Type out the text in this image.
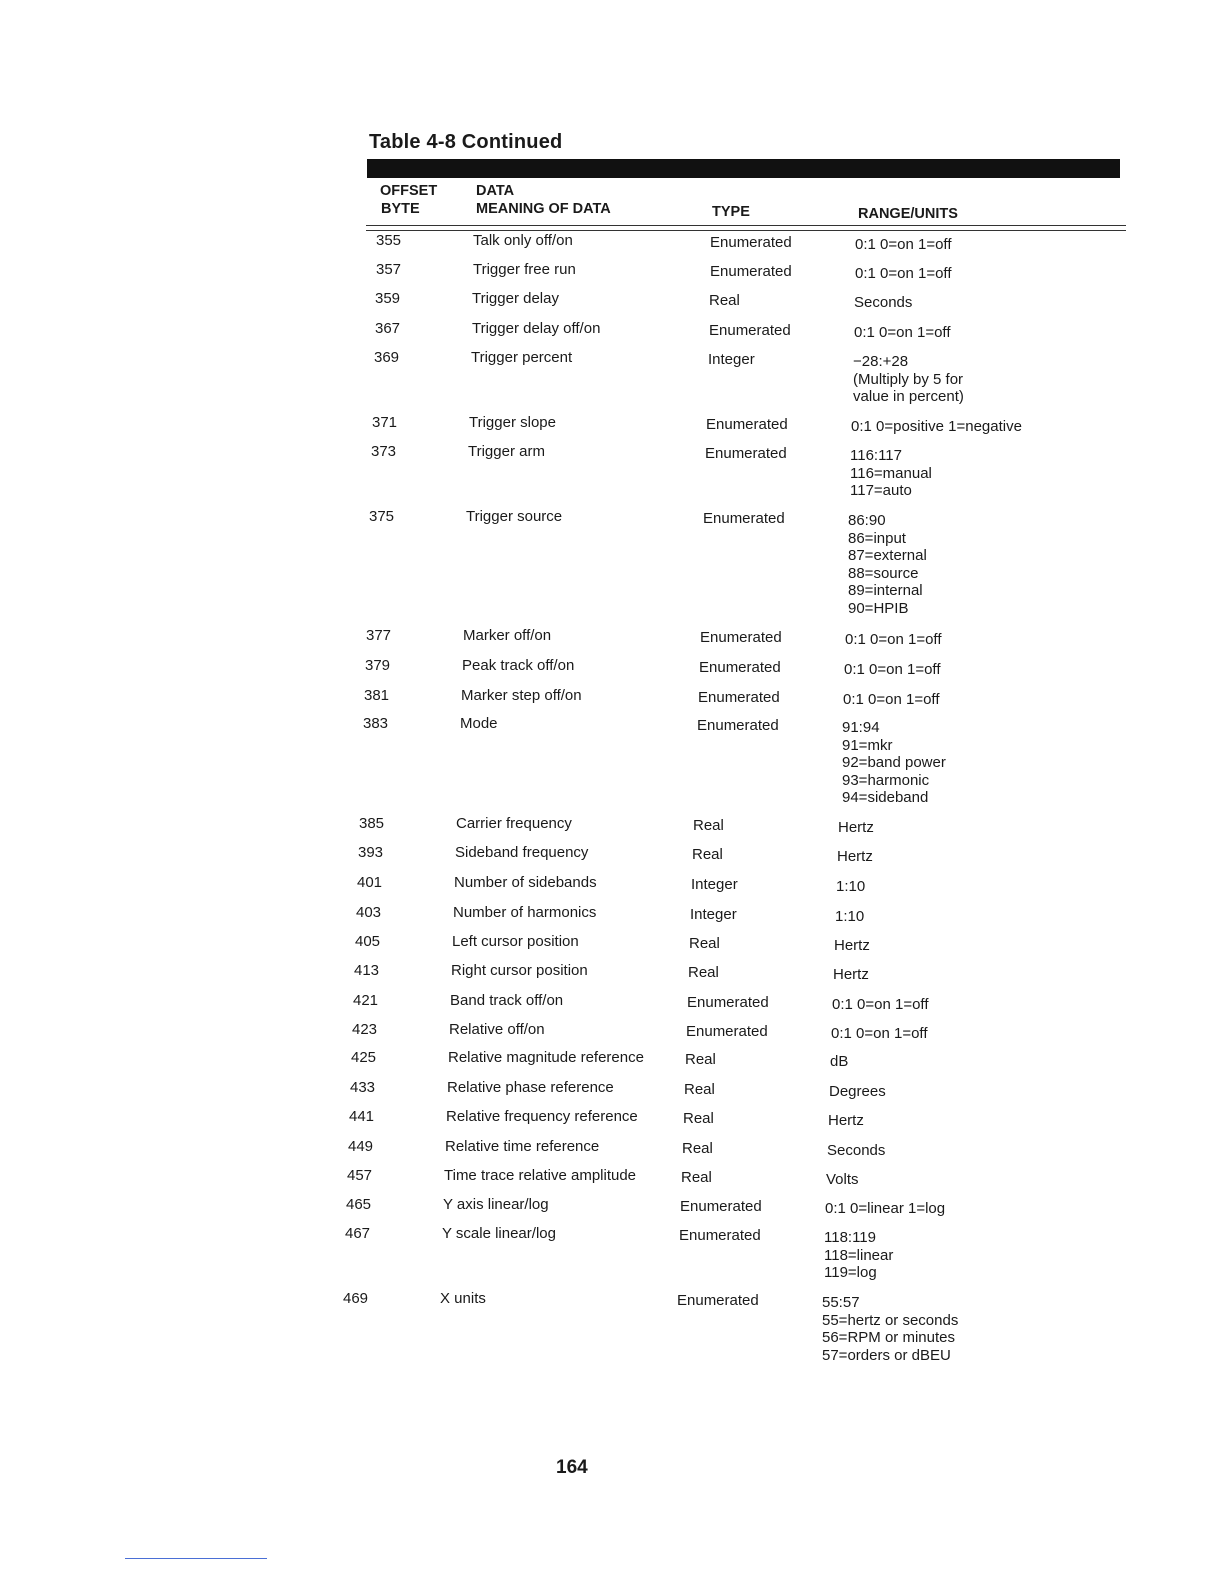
Table 4-8 Continued
OFFSET
BYTE
DATA
MEANING OF DATA	TYPE	RANGE/UNITS
355	Talk only off/on	Enumerated	0:1 0=on 1=off
357	Trigger free run	Enumerated	0:1 0=on 1=off
359	Trigger delay	Real	Seconds
367	Trigger delay off/on	Enumerated	0:1 0=on 1=off
369	Trigger percent	Integer	−28:+28
(Multiply by 5 for
value in percent)
371	Trigger slope	Enumerated	0:1 0=positive 1=negative
373	Trigger arm	Enumerated	116:117
116=manual
117=auto
375	Trigger source	Enumerated	86:90
86=input
87=external
88=source
89=internal
90=HPIB
377	Marker off/on	Enumerated	0:1 0=on 1=off
379	Peak track off/on	Enumerated	0:1 0=on 1=off
381	Marker step off/on	Enumerated	0:1 0=on 1=off
383	Mode	Enumerated	91:94
91=mkr
92=band power
93=harmonic
94=sideband
385	Carrier frequency	Real	Hertz
393	Sideband frequency	Real	Hertz
401	Number of sidebands	Integer	1:10
403	Number of harmonics	Integer	1:10
405	Left cursor position	Real	Hertz
413	Right cursor position	Real	Hertz
421	Band track off/on	Enumerated	0:1 0=on 1=off
423	Relative off/on	Enumerated	0:1 0=on 1=off
425	Relative magnitude reference	Real	dB
433	Relative phase reference	Real	Degrees
441	Relative frequency reference	Real	Hertz
449	Relative time reference	Real	Seconds
457	Time trace relative amplitude	Real	Volts
465	Y axis linear/log	Enumerated	0:1 0=linear 1=log
467	Y scale linear/log	Enumerated	118:119
118=linear
119=log
469	X units	Enumerated	55:57
55=hertz or seconds
56=RPM or minutes
57=orders or dBEU
164
